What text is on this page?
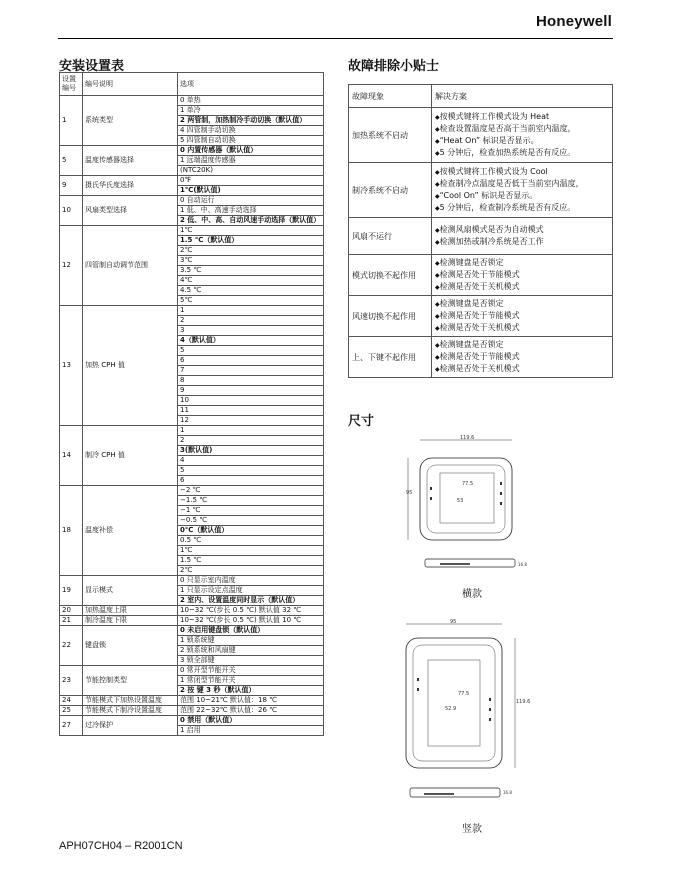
Honeywell
安装设置表
设置编号	编号说明	选项
1	系统类型	0 单热
		1 单冷
		2 两管制，加热制冷手动切换（默认值）
		4 四管制手动切换
		5 四管制自动切换
5	温度传感器选择	0 内置传感器（默认值）
		1 远端温度传感器
		(NTC20K)
9	摄氏华氏度选择	0℉
		1℃(默认值)
10	风扇类型选择	0 自动运行
		1 低、中、高速手动选择
		2 低、中、高、自动风速手动选择（默认值）
12	四管制自动调节范围	1℃
		1.5 ℃（默认值）
		2℃
		3℃
		3.5 ℃
		4℃
		4.5 ℃
		5℃
13	加热 CPH 值	1
		2
		3
		4（默认值）
		5
		6
		7
		8
		9
		10
		11
		12
14	制冷 CPH 值	1
		2
		3(默认值)
		4
		5
		6
18	温度补偿	−2 ℃
		−1.5 ℃
		−1 ℃
		−0.5 ℃
		0℃（默认值）
		0.5 ℃
		1℃
		1.5 ℃
		2℃
19	显示模式	0 只显示室内温度
		1 只显示设定点温度
		2 室内、设置温度同时显示（默认值）
20	加热温度上限	10~32 ℃(步长 0.5 ℃) 默认值 32 ℃
21	制冷温度下限	10~32 ℃(步长 0.5 ℃) 默认值 10 ℃
22	键盘锁	0 未启用键盘锁（默认值）
		1 锁系统键
		2 锁系统和风扇键
		3 锁全部键
23	节能控制类型	0 常开型节能开关
		1 常闭型节能开关
		2 按 键 3 秒（默认值）
24	节能模式下加热设置温度	范围 10~21℃ 默认值：18 ℃
25	节能模式下制冷设置温度	范围 22~32℃ 默认值：26 ℃
27	过冷保护	0 禁用（默认值）
		1 启用
故障排除小贴士
故障现象	解决方案
加热系统不启动	◆ 按模式键将工作模式设为 Heat
◆ 检查设置温度是否高于当前室内温度，
◆ “Heat On” 标识是否显示。
◆ 5 分钟后，检查加热系统是否有反应。

制冷系统不启动	◆ 按模式键将工作模式设为 Cool
◆ 检查制冷点温度是否低于当前室内温度，
◆ “Cool On” 标识是否显示。
◆ 5 分钟后，检查制冷系统是否有反应。

风扇不运行	◆ 检测风扇模式是否为自动模式
◆ 检测加热或制冷系统是否工作

模式切换不起作用	◆ 检测键盘是否锁定
◆ 检测是否处于节能模式
◆ 检测是否处于关机模式

风速切换不起作用	◆ 检测键盘是否锁定
◆ 检测是否处于节能模式
◆ 检测是否处于关机模式

上、下键不起作用	◆ 检测键盘是否锁定
◆ 检测是否处于节能模式
◆ 检测是否处于关机模式
尺寸
119.6
95
77.5
53
16.8
横款
95
119.6
77.5
52.9
16.8
竖款
APH07CH04 – R2001CN
